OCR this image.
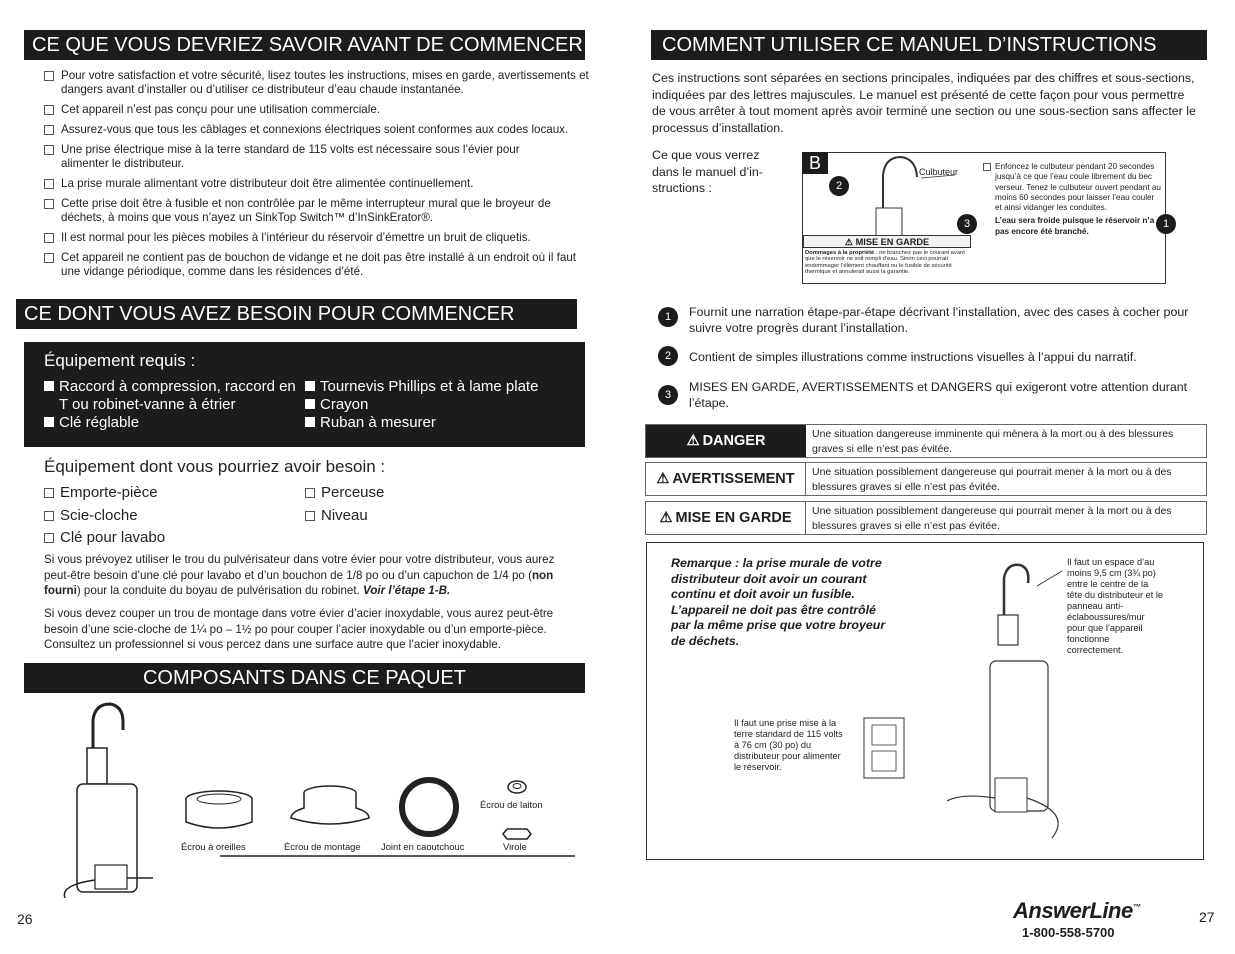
CE QUE VOUS DEVRIEZ SAVOIR AVANT DE COMMENCER
Pour votre satisfaction et votre sécurité, lisez toutes les instructions, mises en garde, avertissements et dangers avant d’installer ou d’utiliser ce distributeur d’eau chaude instantanée.
Cet appareil n’est pas conçu pour une utilisation commerciale.
Assurez-vous que tous les câblages et connexions électriques soient conformes aux codes locaux.
Une prise électrique mise à la terre standard de 115 volts est nécessaire sous l’évier pour alimenter le distributeur.
La prise murale alimentant votre distributeur doit être alimentée continuellement.
Cette prise doit être à fusible et non contrôlée par le même interrupteur mural que le broyeur de déchets, à moins que vous n’ayez un SinkTop Switch™ d’InSinkErator®.
Il est normal pour les pièces mobiles à l’intérieur du réservoir d’émettre un bruit de cliquetis.
Cet appareil ne contient pas de bouchon de vidange et ne doit pas être installé à un endroit où il faut une vidange périodique, comme dans les résidences d’été.
CE DONT VOUS AVEZ BESOIN POUR COMMENCER
Équipement requis :
Raccord à compression, raccord en T ou robinet-vanne à étrier
Clé réglable
Tournevis Phillips et à lame plate
Crayon
Ruban à mesurer
Équipement dont vous pourriez avoir besoin :
Emporte-pièce
Scie-cloche
Clé pour lavabo
Perceuse
Niveau
Si vous prévoyez utiliser le trou du pulvérisateur dans votre évier pour votre distributeur, vous aurez peut-être besoin d’une clé pour lavabo et d’un bouchon de 1/8 po ou d’un capuchon de 1/4 po (non fourni) pour la conduite du boyau de pulvérisation du robinet. Voir l’étape 1-B.
Si vous devez couper un trou de montage dans votre évier d’acier inoxydable, vous aurez peut-être besoin d’une scie-cloche de 1¼ po – 1½ po pour couper l’acier inoxydable ou d’un emporte-pièce. Consultez un professionnel si vous percez dans une surface autre que l’acier inoxydable.
COMPOSANTS DANS CE PAQUET
Écrou à oreilles	Écrou de montage Joint en caoutchouc
Écrou de laiton
Virole
26
COMMENT UTILISER CE MANUEL D’INSTRUCTIONS
Ces instructions sont séparées en sections principales, indiquées par des chiffres et sous-sections, indiquées par des lettres majuscules. Le manuel est présenté de cette façon pour vous permettre de vous arrêter à tout moment après avoir terminé une section ou une sous-section sans affecter le processus d’installation.
Ce que vous verrez dans le manuel d’in-structions :
B	Culbuteur
⚠ MISE EN GARDE
Dommages à la propriété : ne branchez pas le courant avant que le réservoir ne soit rempli d’eau. Sinon ceci pourrait endommager l’élément chauffant ou le fusible de sécurité thermique et annulerait aussi la garantie.
Enfoncez le culbuteur pendant 20 secondes jusqu’à ce que l’eau coule librement du bec verseur. Tenez le culbuteur ouvert pendant au moins 60 secondes pour laisser l’eau couler et ainsi vidanger les conduites.
L’eau sera froide puisque le réservoir n’a pas encore été branché.
2
3	1
1	Fournit une narration étape-par-étape décrivant l’installation, avec des cases à cocher pour suivre votre progrès durant l’installation.
2	Contient de simples illustrations comme instructions visuelles à l’appui du narratif.
3
MISES EN GARDE, AVERTISSEMENTS et DANGERS qui exigeront votre attention durant l’étape.
⚠ DANGER	Une situation dangereuse imminente qui mènera à la mort ou à des blessures graves si elle n’est pas évitée.
⚠ AVERTISSEMENT Une situation possiblement dangereuse qui pourrait mener à la mort ou à des blessures graves si elle n’est pas évitée.
⚠ MISE EN GARDE Une situation possiblement dangereuse qui pourrait mener à la mort ou à des blessures graves si elle n’est pas évitée.
Remarque : la prise murale de votre distributeur doit avoir un courant continu et doit avoir un fusible. L’appareil ne doit pas être contrôlé par la même prise que votre broyeur de déchets.
Il faut un espace d’au moins 9,5 cm (3¾ po) entre le centre de la tête du distributeur et le panneau anti-éclaboussures/mur pour que l’appareil fonctionne correctement.
Il faut une prise mise à la terre standard de 115 volts à 76 cm (30 po) du distributeur pour alimenter le réservoir.
AnswerLine™
1-800-558-5700
27
